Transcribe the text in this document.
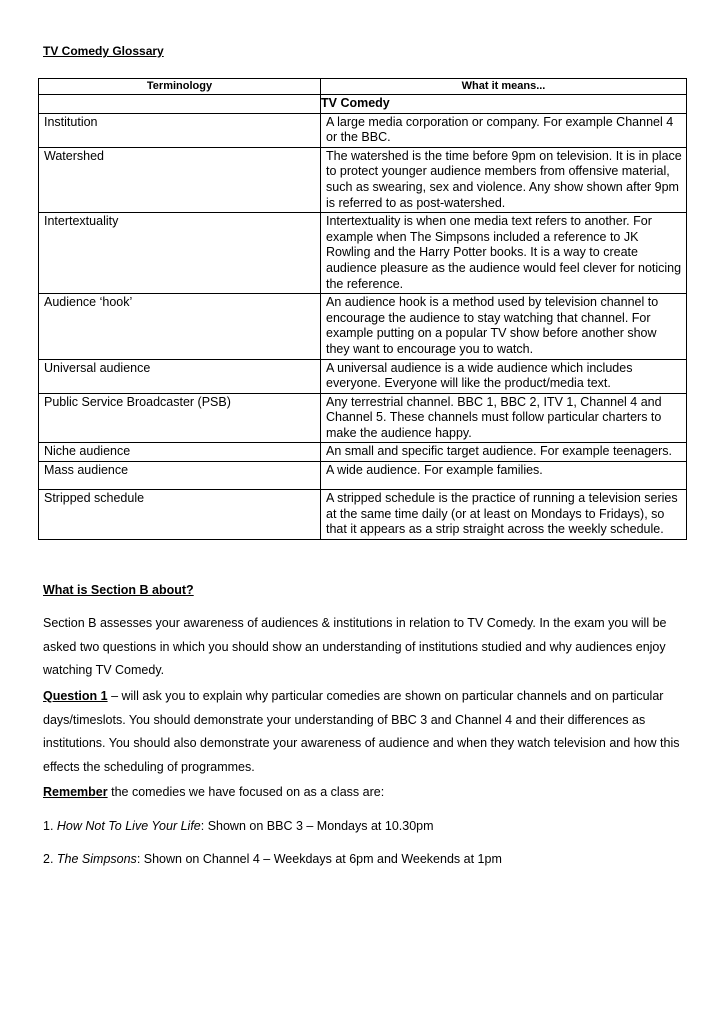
TV Comedy Glossary
Terminology	What it means...
	TV Comedy
Institution	A large media corporation or company. For example Channel 4 or the BBC.
Watershed	The watershed is the time before 9pm on television. It is in place to protect younger audience members from offensive material, such as swearing, sex and violence. Any show shown after 9pm is referred to as post-watershed.
Intertextuality	Intertextuality is when one media text refers to another. For example when The Simpsons included a reference to JK Rowling and the Harry Potter books. It is a way to create audience pleasure as the audience would feel clever for noticing the reference.
Audience ‘hook’	An audience hook is a method used by television channel to encourage the audience to stay watching that channel. For example putting on a popular TV show before another show they want to encourage you to watch.
Universal audience	A universal audience is a wide audience which includes everyone. Everyone will like the product/media text.
Public Service Broadcaster (PSB)	Any terrestrial channel. BBC 1, BBC 2, ITV 1, Channel 4 and Channel 5. These channels must follow particular charters to make the audience happy.
Niche audience	An small and specific target audience. For example teenagers.
Mass audience	A wide audience. For example families.
Stripped schedule	A stripped schedule is the practice of running a television series at the same time daily (or at least on Mondays to Fridays), so that it appears as a strip straight across the weekly schedule.
What is Section B about?
Section B assesses your awareness of audiences & institutions in relation to TV Comedy. In the exam you will be asked two questions in which you should show an understanding of institutions studied and why audiences enjoy watching TV Comedy.
Question 1 – will ask you to explain why particular comedies are shown on particular channels and on particular days/timeslots. You should demonstrate your understanding of BBC 3 and Channel 4 and their differences as institutions. You should also demonstrate your awareness of audience and when they watch television and how this effects the scheduling of programmes.
Remember the comedies we have focused on as a class are:
1. How Not To Live Your Life: Shown on BBC 3 – Mondays at 10.30pm
2. The Simpsons: Shown on Channel 4 – Weekdays at 6pm and Weekends at 1pm
